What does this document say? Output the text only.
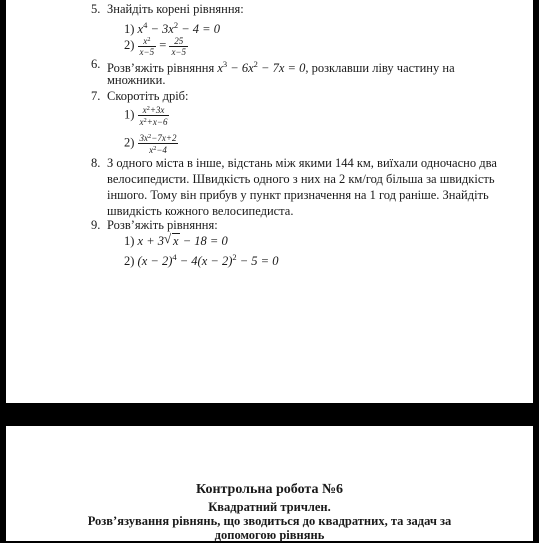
5. Знайдіть корені рівняння:
1) $x^4 - 3x^2 - 4 = 0$
$2) \frac{x^2}{x-5} = \frac{25}{x-5}$
6. Розв’яжіть рівняння $x^3 - 6x^2 - 7x = 0$, розклавши ліву частину на
множники.
7. Скоротіть дріб:
$1) \frac{x^2+3x}{x^2+x-6}$
$2) \frac{3x^2-7x+2}{x^2-4}$
8. З одного міста в інше, відстань між якими 144 км, виїхали одночасно два
велосипедисти. Швидкість одного з них на 2 км/год більша за швидкість
іншого. Тому він прибув у пункт призначення на 1 год раніше. Знайдіть
швидкість кожного велосипедиста.
9. Розв’яжіть рівняння:
1) x + 3 √ x − 18 = 0
2) $(x - 2)^4 - 4(x - 2)^2 - 5 = 0$
Контрольна робота №6
Квадратний тричлен.
Розв’язування рівнянь, що зводиться до квадратних, та задач за
допомогою рівнянь
